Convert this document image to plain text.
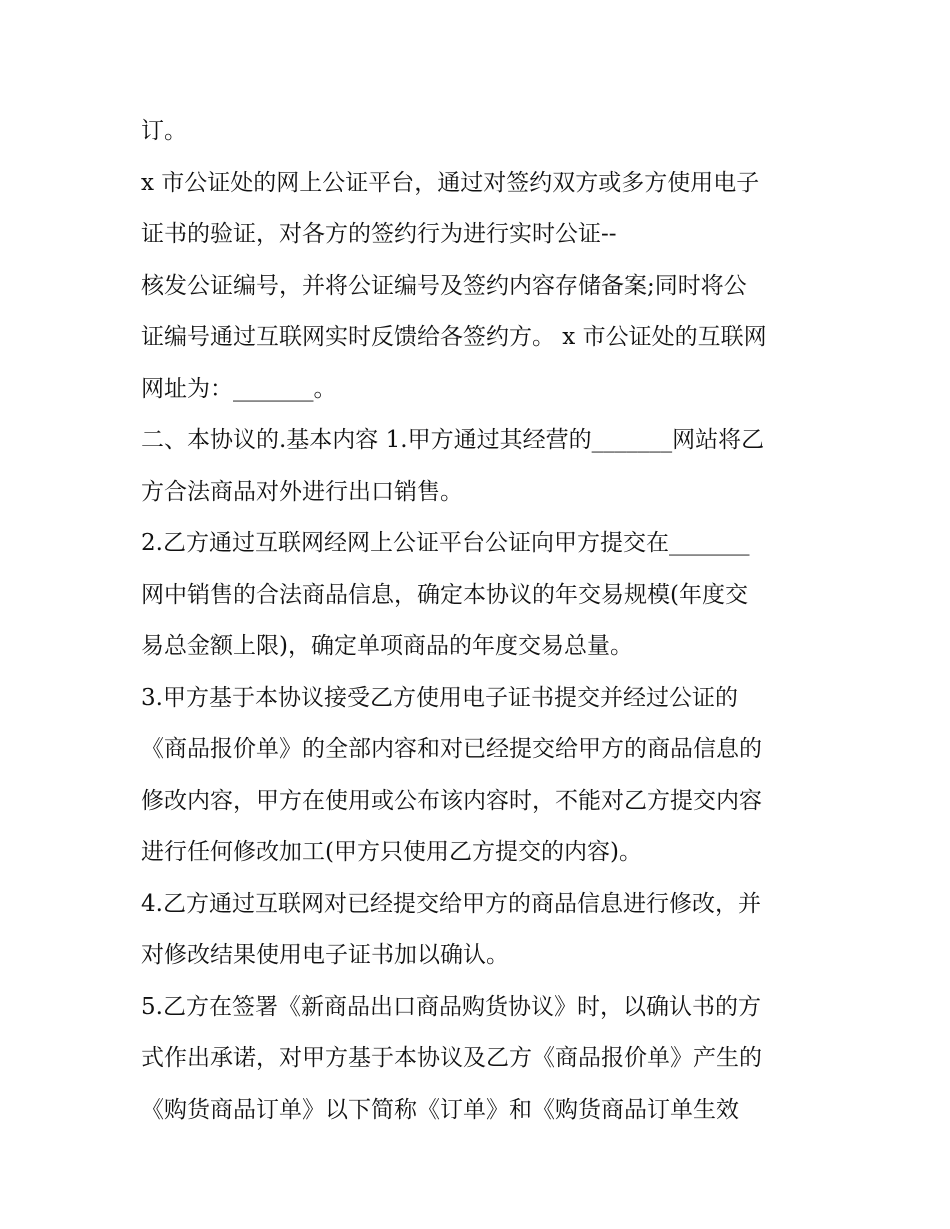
订。
x 市公证处的网上公证平台，通过对签约双方或多方使用电子
证书的验证，对各方的签约行为进行实时公证--
核发公证编号，并将公证编号及签约内容存储备案;同时将公
证编号通过互联网实时反馈给各签约方。 x 市公证处的互联网
网址为：_______。
二、本协议的.基本内容 1.甲方通过其经营的_______网站将乙
方合法商品对外进行出口销售。
2.乙方通过互联网经网上公证平台公证向甲方提交在_______
网中销售的合法商品信息，确定本协议的年交易规模(年度交
易总金额上限)，确定单项商品的年度交易总量。
3.甲方基于本协议接受乙方使用电子证书提交并经过公证的
《商品报价单》的全部内容和对已经提交给甲方的商品信息的
修改内容，甲方在使用或公布该内容时，不能对乙方提交内容
进行任何修改加工(甲方只使用乙方提交的内容)。
4.乙方通过互联网对已经提交给甲方的商品信息进行修改，并
对修改结果使用电子证书加以确认。
5.乙方在签署《新商品出口商品购货协议》时，以确认书的方
式作出承诺，对甲方基于本协议及乙方《商品报价单》产生的
《购货商品订单》以下简称《订单》和《购货商品订单生效
